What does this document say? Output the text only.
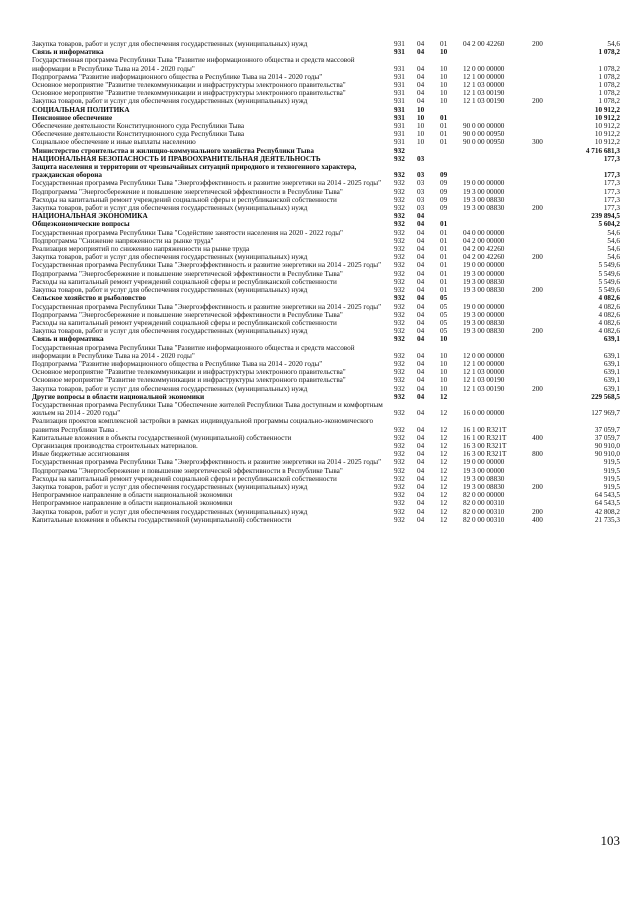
Закупка товаров, работ и услуг для обеспечения государственных (муниципальных) нужд	931	04	01	04 2 00 42260	200	54,6
Связь и информатика	931	04	10			1 078,2
Государственная программа Республики Тыва "Развитие информационного общества и средств массовой информации в Республике Тыва на 2014 - 2020 годы"	931	04	10	12 0 00 00000		1 078,2
Подпрограмма "Развитие информационного общества в Республике Тыва на 2014 - 2020 годы"	931	04	10	12 1 00 00000		1 078,2
Основное мероприятие "Развитие телекоммуникации и инфраструктуры электронного правительства"	931	04	10	12 1 03 00000		1 078,2
Основное мероприятие "Развитие телекоммуникации и инфраструктуры электронного правительства"	931	04	10	12 1 03 00190		1 078,2
Закупка товаров, работ и услуг для обеспечения государственных (муниципальных) нужд	931	04	10	12 1 03 00190	200	1 078,2
СОЦИАЛЬНАЯ ПОЛИТИКА	931	10				10 912,2
Пенсионное обеспечение	931	10	01			10 912,2
Обеспечение деятельности Конституционного суда Республики Тыва	931	10	01	90 0 00 00000		10 912,2
Обеспечение деятельности Конституционного суда Республики Тыва	931	10	01	90 0 00 00950		10 912,2
Социальное обеспечение и иные выплаты населению	931	10	01	90 0 00 00950	300	10 912,2
Министерство строительства и жилищно-коммунального хозяйства Республики Тыва	932					4 716 681,3
НАЦИОНАЛЬНАЯ БЕЗОПАСНОСТЬ И ПРАВООХРАНИТЕЛЬНАЯ ДЕЯТЕЛЬНОСТЬ	932	03				177,3
Защита населения и территории от чрезвычайных ситуаций природного и техногенного характера, гражданская оборона	932	03	09			177,3
Государственная программа Республики Тыва "Энергоэффективность и развитие энергетики на 2014 - 2025 годы"	932	03	09	19 0 00 00000		177,3
Подпрограмма "Энергосбережение и повышение энергетической эффективности в Республике Тыва"	932	03	09	19 3 00 00000		177,3
Расходы на капитальный ремонт учреждений социальной сферы и республиканской собственности	932	03	09	19 3 00 08830		177,3
Закупка товаров, работ и услуг для обеспечения государственных (муниципальных) нужд	932	03	09	19 3 00 08830	200	177,3
НАЦИОНАЛЬНАЯ ЭКОНОМИКА	932	04				239 894,5
Общеэкономические вопросы	932	04	01			5 604,2
Государственная программа Республики Тыва "Содействие занятости населения на 2020 - 2022 годы"	932	04	01	04 0 00 00000		54,6
Подпрограмма "Снижение напряженности на рынке труда"	932	04	01	04 2 00 00000		54,6
Реализация мероприятий по снижению напряженности на рынке труда	932	04	01	04 2 00 42260		54,6
Закупка товаров, работ и услуг для обеспечения государственных (муниципальных) нужд	932	04	01	04 2 00 42260	200	54,6
Государственная программа Республики Тыва "Энергоэффективность и развитие энергетики на 2014 - 2025 годы"	932	04	01	19 0 00 00000		5 549,6
Подпрограмма "Энергосбережение и повышение энергетической эффективности в Республике Тыва"	932	04	01	19 3 00 00000		5 549,6
Расходы на капитальный ремонт учреждений социальной сферы и республиканской собственности	932	04	01	19 3 00 08830		5 549,6
Закупка товаров, работ и услуг для обеспечения государственных (муниципальных) нужд	932	04	01	19 3 00 08830	200	5 549,6
Сельское хозяйство и рыболовство	932	04	05			4 082,6
Государственная программа Республики Тыва "Энергоэффективность и развитие энергетики на 2014 - 2025 годы"	932	04	05	19 0 00 00000		4 082,6
Подпрограмма "Энергосбережение и повышение энергетической эффективности в Республике Тыва"	932	04	05	19 3 00 00000		4 082,6
Расходы на капитальный ремонт учреждений социальной сферы и республиканской собственности	932	04	05	19 3 00 08830		4 082,6
Закупка товаров, работ и услуг для обеспечения государственных (муниципальных) нужд	932	04	05	19 3 00 08830	200	4 082,6
Связь и информатика	932	04	10			639,1
Государственная программа Республики Тыва "Развитие информационного общества и средств массовой информации в Республике Тыва на 2014 - 2020 годы"	932	04	10	12 0 00 00000		639,1
Подпрограмма "Развитие информационного общества в Республике Тыва на 2014 - 2020 годы"	932	04	10	12 1 00 00000		639,1
Основное мероприятие "Развитие телекоммуникации и инфраструктуры электронного правительства"	932	04	10	12 1 03 00000		639,1
Основное мероприятие "Развитие телекоммуникации и инфраструктуры электронного правительства"	932	04	10	12 1 03 00190		639,1
Закупка товаров, работ и услуг для обеспечения государственных (муниципальных) нужд	932	04	10	12 1 03 00190	200	639,1
Другие вопросы в области национальной экономики	932	04	12			229 568,5
Государственная программа Республики Тыва "Обеспечение жителей Республики Тыва доступным и комфортным жильем на 2014 - 2020 годы"	932	04	12	16 0 00 00000		127 969,7
Реализация проектов комплексной застройки в рамках индивидуальной программы социально-экономического развития Республики Тыва .	932	04	12	16 1 00 R321Т		37 059,7
Капитальные вложения в объекты государственной (муниципальной) собственности	932	04	12	16 1 00 R321Т	400	37 059,7
Организация производства строительных материалов.	932	04	12	16 3 00 R321Т		90 910,0
Иные бюджетные ассигнования	932	04	12	16 3 00 R321Т	800	90 910,0
Государственная программа Республики Тыва "Энергоэффективность и развитие энергетики на 2014 - 2025 годы"	932	04	12	19 0 00 00000		919,5
Подпрограмма "Энергосбережение и повышение энергетической эффективности в Республике Тыва"	932	04	12	19 3 00 00000		919,5
Расходы на капитальный ремонт учреждений социальной сферы и республиканской собственности	932	04	12	19 3 00 08830		919,5
Закупка товаров, работ и услуг для обеспечения государственных (муниципальных) нужд	932	04	12	19 3 00 08830	200	919,5
Непрограммное направление в области национальной экономики	932	04	12	82 0 00 00000		64 543,5
Непрограммное направление в области национальной экономики	932	04	12	82 0 00 00310		64 543,5
Закупка товаров, работ и услуг для обеспечения государственных (муниципальных) нужд	932	04	12	82 0 00 00310	200	42 808,2
Капитальные вложения в объекты государственной (муниципальной) собственности	932	04	12	82 0 00 00310	400	21 735,3
103
